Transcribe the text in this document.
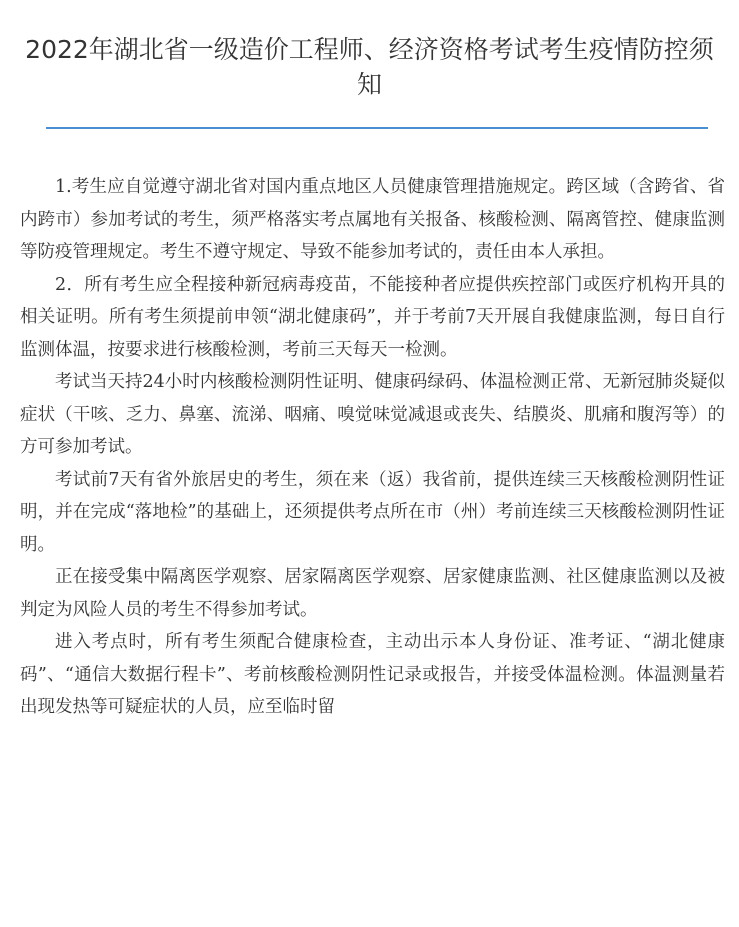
2022年湖北省一级造价工程师、经济资格考试考生疫情防控须知

1.考生应自觉遵守湖北省对国内重点地区人员健康管理措施规定。跨区域（含跨省、省内跨市）参加考试的考生，须严格落实考点属地有关报备、核酸检测、隔离管控、健康监测等防疫管理规定。考生不遵守规定、导致不能参加考试的，责任由本人承担。

2．所有考生应全程接种新冠病毒疫苗，不能接种者应提供疾控部门或医疗机构开具的相关证明。所有考生须提前申领“湖北健康码”，并于考前7天开展自我健康监测，每日自行监测体温，按要求进行核酸检测，考前三天每天一检测。

考试当天持24小时内核酸检测阴性证明、健康码绿码、体温检测正常、无新冠肺炎疑似症状（干咳、乏力、鼻塞、流涕、咽痛、嗅觉味觉减退或丧失、结膜炎、肌痛和腹泻等）的方可参加考试。

考试前7天有省外旅居史的考生，须在来（返）我省前，提供连续三天核酸检测阴性证明，并在完成“落地检”的基础上，还须提供考点所在市（州）考前连续三天核酸检测阴性证明。

正在接受集中隔离医学观察、居家隔离医学观察、居家健康监测、社区健康监测以及被判定为风险人员的考生不得参加考试。

进入考点时，所有考生须配合健康检查，主动出示本人身份证、准考证、“湖北健康码”、“通信大数据行程卡”、考前核酸检测阴性记录或报告，并接受体温检测。体温测量若出现发热等可疑症状的人员，应至临时留
